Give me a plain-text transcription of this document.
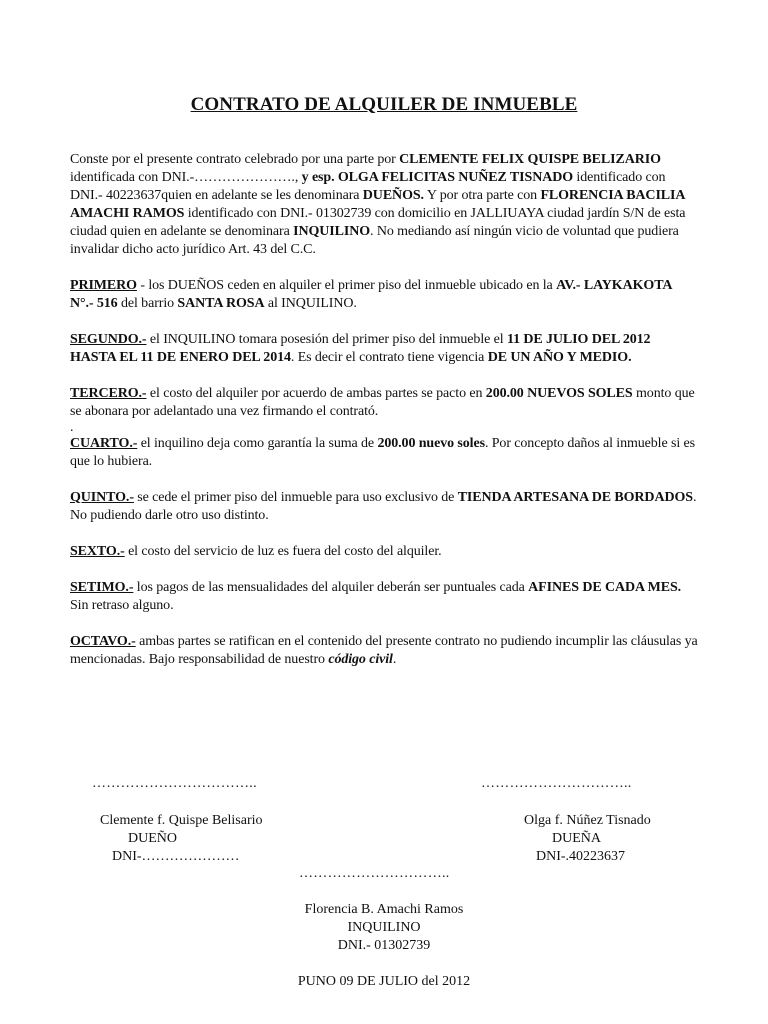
CONTRATO DE ALQUILER DE INMUEBLE

Conste por el presente contrato celebrado por una parte por CLEMENTE FELIX QUISPE BELIZARIO identificada con DNI.-…………………., y esp. OLGA FELICITAS NUÑEZ TISNADO identificado con DNI.- 40223637quien en adelante se les denominara DUEÑOS. Y por otra parte con FLORENCIA BACILIA AMACHI RAMOS identificado con DNI.- 01302739 con domicilio en JALLIUAYA ciudad jardín S/N de esta ciudad quien en adelante se denominara INQUILINO. No mediando así ningún vicio de voluntad que pudiera invalidar dicho acto jurídico Art. 43 del C.C.

PRIMERO - los DUEÑOS ceden en alquiler el primer piso del inmueble ubicado en la AV.- LAYKAKOTA N°.- 516 del barrio SANTA ROSA al INQUILINO.

SEGUNDO.- el INQUILINO tomara posesión del primer piso del inmueble el 11 DE JULIO DEL 2012 HASTA EL 11 DE ENERO DEL 2014. Es decir el contrato tiene vigencia DE UN AÑO Y MEDIO.

TERCERO.- el costo del alquiler por acuerdo de ambas partes se pacto en 200.00 NUEVOS SOLES monto que se abonara por adelantado una vez firmando el contrató.

.

CUARTO.- el inquilino deja como garantía la suma de 200.00 nuevo soles. Por concepto daños al inmueble si es que lo hubiera.

QUINTO.- se cede el primer piso del inmueble para uso exclusivo de TIENDA ARTESANA DE BORDADOS. No pudiendo darle otro uso distinto.

SEXTO.- el costo del servicio de luz es fuera del costo del alquiler.

SETIMO.- los pagos de las mensualidades del alquiler deberán ser puntuales cada AFINES DE CADA MES. Sin retraso alguno.

OCTAVO.- ambas partes se ratifican en el contenido del presente contrato no pudiendo incumplir las cláusulas ya mencionadas. Bajo responsabilidad de nuestro código civil.

……………………………..	…………………………..
Clemente f. Quispe Belisario
DUEÑO
DNI-…………………
Olga f. Núñez Tisnado
DUEÑA
DNI-.40223637
…………………………..
Florencia B. Amachi Ramos
INQUILINO
DNI.- 01302739
PUNO 09 DE JULIO del 2012
